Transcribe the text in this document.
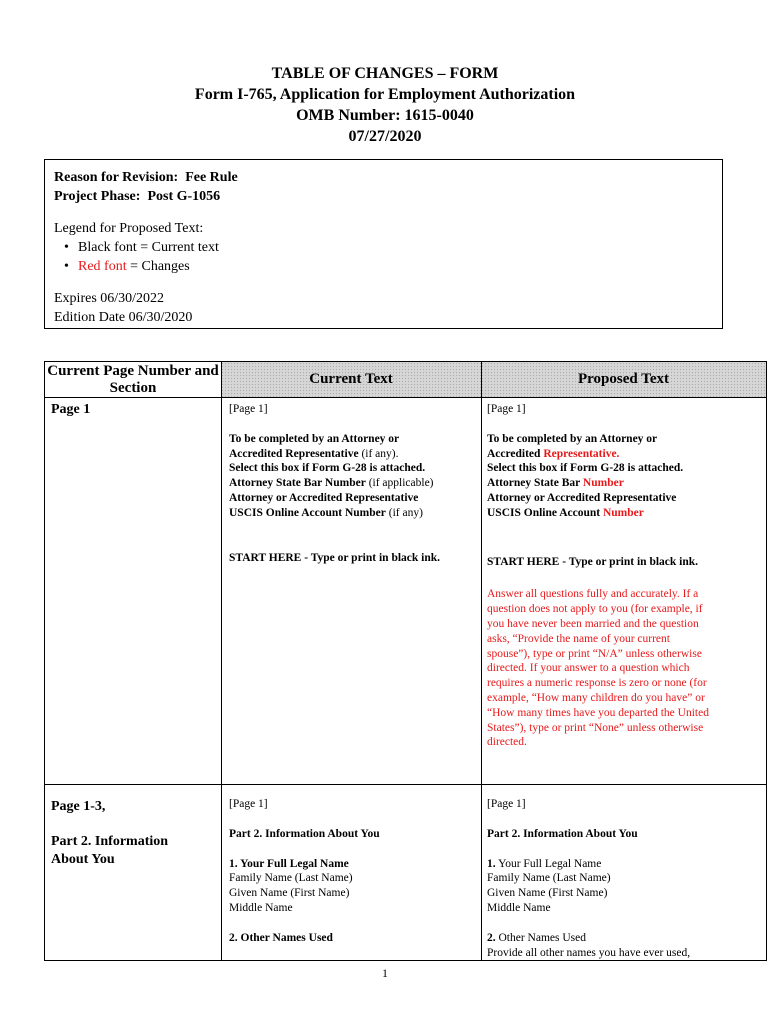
TABLE OF CHANGES – FORM
Form I-765, Application for Employment Authorization
OMB Number: 1615-0040
07/27/2020
Reason for Revision: Fee Rule
Project Phase: Post G-1056
Legend for Proposed Text:
• Black font = Current text
• Red font = Changes
Expires 06/30/2022
Edition Date 06/30/2020
Current Page Number and Section
Current Text	Proposed Text
Page 1	[Page 1]
To be completed by an Attorney or
Accredited Representative (if any).
Select this box if Form G-28 is attached.
Attorney State Bar Number (if applicable)
Attorney or Accredited Representative
USCIS Online Account Number (if any)
START HERE - Type or print in black ink.
[Page 1]
To be completed by an Attorney or
Accredited Representative.
Select this box if Form G-28 is attached.
Attorney State Bar Number
Attorney or Accredited Representative
USCIS Online Account Number
START HERE - Type or print in black ink.
Answer all questions fully and accurately. If a
question does not apply to you (for example, if
you have never been married and the question
asks, “Provide the name of your current
spouse”), type or print “N/A” unless otherwise
directed. If your answer to a question which
requires a numeric response is zero or none (for
example, “How many children do you have” or
“How many times have you departed the United
States”), type or print “None” unless otherwise
directed.
Page 1-3,
Part 2. Information
About You
[Page 1]
Part 2. Information About You
1. Your Full Legal Name
Family Name (Last Name)
Given Name (First Name)
Middle Name
2. Other Names Used
[Page 1]
Part 2. Information About You
1. Your Full Legal Name
Family Name (Last Name)
Given Name (First Name)
Middle Name
2. Other Names Used
Provide all other names you have ever used,
1
